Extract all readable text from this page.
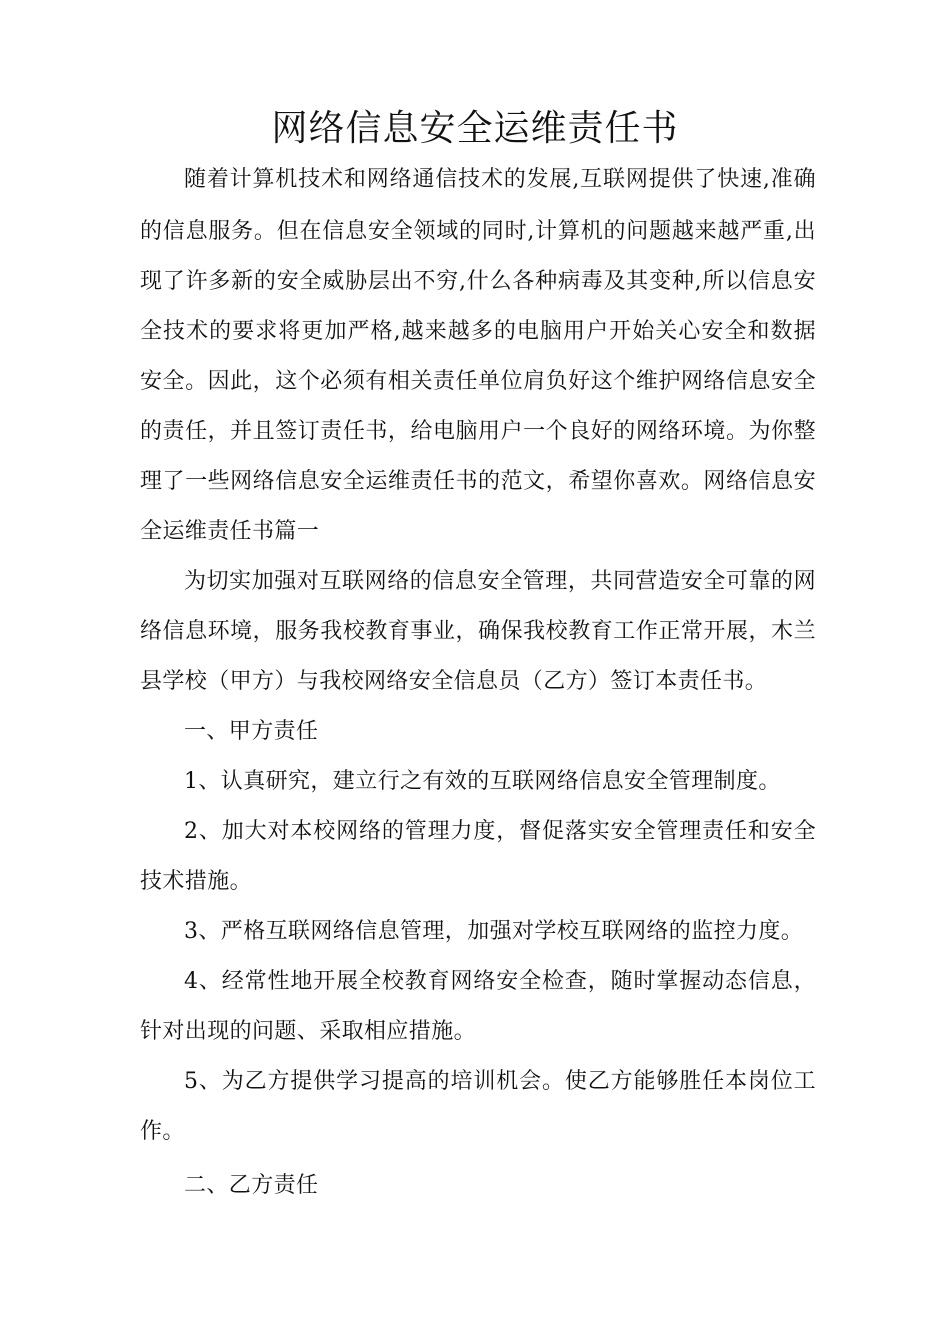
网络信息安全运维责任书
随着计算机技术和网络通信技术的发展,互联网提供了快速,准确
的信息服务。但在信息安全领域的同时,计算机的问题越来越严重,出
现了许多新的安全威胁层出不穷,什么各种病毒及其变种,所以信息安
全技术的要求将更加严格,越来越多的电脑用户开始关心安全和数据
安全。因此，这个必须有相关责任单位肩负好这个维护网络信息安全
的责任，并且签订责任书，给电脑用户一个良好的网络环境。为你整
理了一些网络信息安全运维责任书的范文，希望你喜欢。网络信息安
全运维责任书篇一
为切实加强对互联网络的信息安全管理，共同营造安全可靠的网
络信息环境，服务我校教育事业，确保我校教育工作正常开展，木兰
县学校（甲方）与我校网络安全信息员（乙方）签订本责任书。
一、甲方责任
1、认真研究，建立行之有效的互联网络信息安全管理制度。
2、加大对本校网络的管理力度，督促落实安全管理责任和安全
技术措施。
3、严格互联网络信息管理，加强对学校互联网络的监控力度。
4、经常性地开展全校教育网络安全检查，随时掌握动态信息，
针对出现的问题、采取相应措施。
5、为乙方提供学习提高的培训机会。使乙方能够胜任本岗位工
作。
二、乙方责任
